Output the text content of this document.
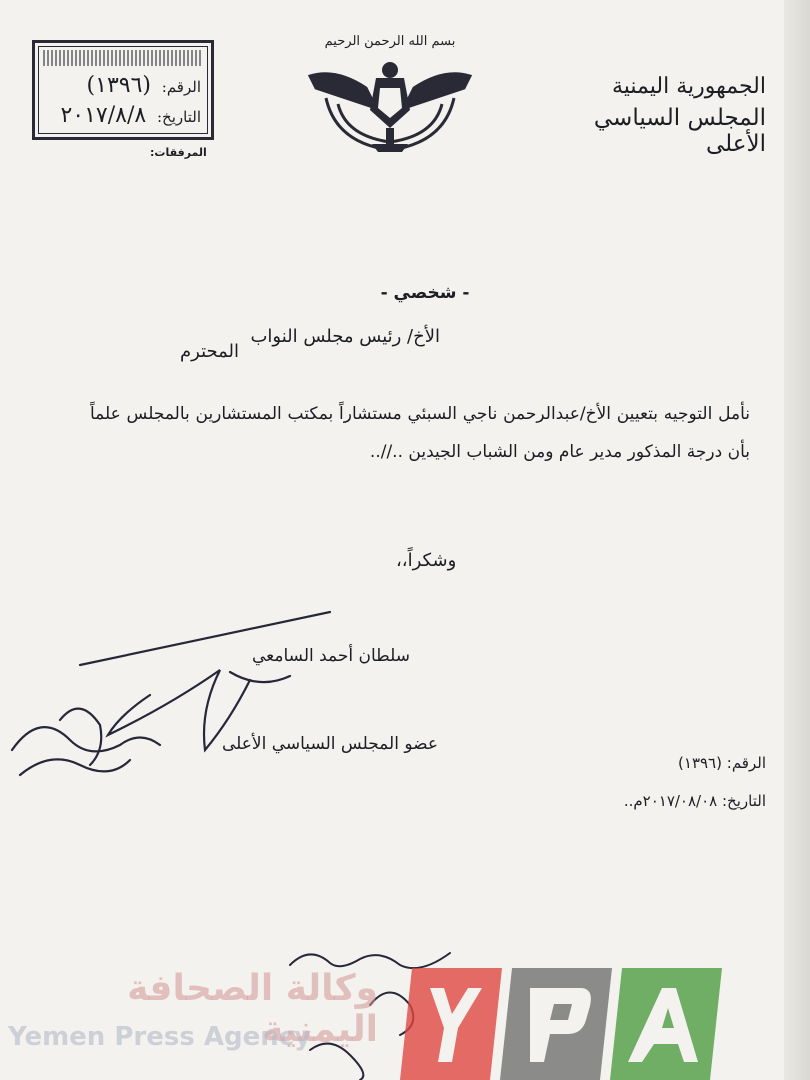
الرقم: (١٣٩٦)
التاريخ: ٢٠١٧/٨/٨
المرفقات:
بسم الله الرحمن الرحيم
الجمهورية اليمنية
المجلس السياسي الأعلى
- شخصي -
الأخ/ رئيس مجلس النواب
المحترم
نأمل التوجيه بتعيين الأخ/عبدالرحمن ناجي السبئي مستشاراً بمكتب المستشارين بالمجلس علماً بأن درجة المذكور مدير عام ومن الشباب الجيدين ..//..
وشكراً،،
سلطان أحمد السامعي
عضو المجلس السياسي الأعلى
الرقم: (١٣٩٦)
التاريخ: ٢٠١٧/٠٨/٠٨م..
وكالة الصحافة اليمنية
Yemen Press Agency
